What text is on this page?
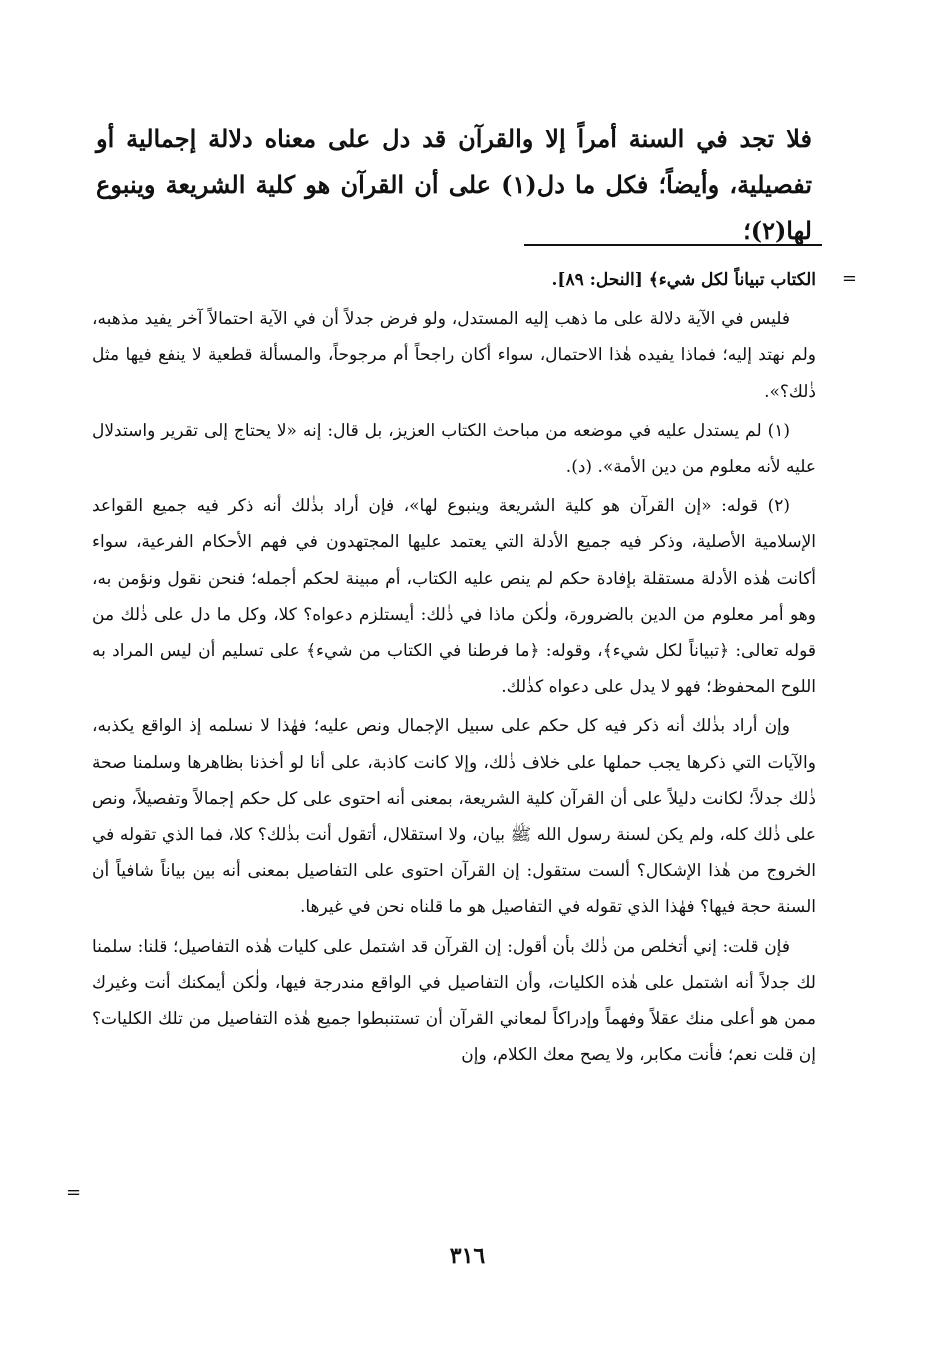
فلا تجد في السنة أمراً إلا والقرآن قد دل على معناه دلالة إجمالية أو تفصيلية، وأيضاً؛ فكل ما دل(١) على أن القرآن هو كلية الشريعة وينبوع لها(٢)؛

=

الكتاب تبياناً لكل شيء﴾ [النحل: ٨٩].

فليس في الآية دلالة على ما ذهب إليه المستدل، ولو فرض جدلاً أن في الآية احتمالاً آخر يفيد مذهبه، ولم نهتد إليه؛ فماذا يفيده هٰذا الاحتمال، سواء أكان راجحاً أم مرجوحاً، والمسألة قطعية لا ينفع فيها مثل ذٰلك؟».

(١) لم يستدل عليه في موضعه من مباحث الكتاب العزيز، بل قال: إنه «لا يحتاج إلى تقرير واستدلال عليه لأنه معلوم من دين الأمة». (د).

(٢) قوله: «إن القرآن هو كلية الشريعة وينبوع لها»، فإن أراد بذٰلك أنه ذكر فيه جميع القواعد الإسلامية الأصلية، وذكر فيه جميع الأدلة التي يعتمد عليها المجتهدون في فهم الأحكام الفرعية، سواء أكانت هٰذه الأدلة مستقلة بإفادة حكم لم ينص عليه الكتاب، أم مبينة لحكم أجمله؛ فنحن نقول ونؤمن به، وهو أمر معلوم من الدين بالضرورة، ولٰكن ماذا في ذٰلك: أيستلزم دعواه؟ كلا، وكل ما دل على ذٰلك من قوله تعالى: ﴿تبياناً لكل شيء﴾، وقوله: ﴿ما فرطنا في الكتاب من شيء﴾ على تسليم أن ليس المراد به اللوح المحفوظ؛ فهو لا يدل على دعواه كذٰلك.

وإن أراد بذٰلك أنه ذكر فيه كل حكم على سبيل الإجمال ونص عليه؛ فهٰذا لا نسلمه إذ الواقع يكذبه، والآيات التي ذكرها يجب حملها على خلاف ذٰلك، وإلا كانت كاذبة، على أنا لو أخذنا بظاهرها وسلمنا صحة ذٰلك جدلاً؛ لكانت دليلاً على أن القرآن كلية الشريعة، بمعنى أنه احتوى على كل حكم إجمالاً وتفصيلاً، ونص على ذٰلك كله، ولم يكن لسنة رسول الله ﷺ بيان، ولا استقلال، أتقول أنت بذٰلك؟ كلا، فما الذي تقوله في الخروج من هٰذا الإشكال؟ ألست ستقول: إن القرآن احتوى على التفاصيل بمعنى أنه بين بياناً شافياً أن السنة حجة فيها؟ فهٰذا الذي تقوله في التفاصيل هو ما قلناه نحن في غيرها.

فإن قلت: إني أتخلص من ذٰلك بأن أقول: إن القرآن قد اشتمل على كليات هٰذه التفاصيل؛ قلنا: سلمنا لك جدلاً أنه اشتمل على هٰذه الكليات، وأن التفاصيل في الواقع مندرجة فيها، ولٰكن أيمكنك أنت وغيرك ممن هو أعلى منك عقلاً وفهماً وإدراكاً لمعاني القرآن أن تستنبطوا جميع هٰذه التفاصيل من تلك الكليات؟ إن قلت نعم؛ فأنت مكابر، ولا يصح معك الكلام، وإن

=
٣١٦
